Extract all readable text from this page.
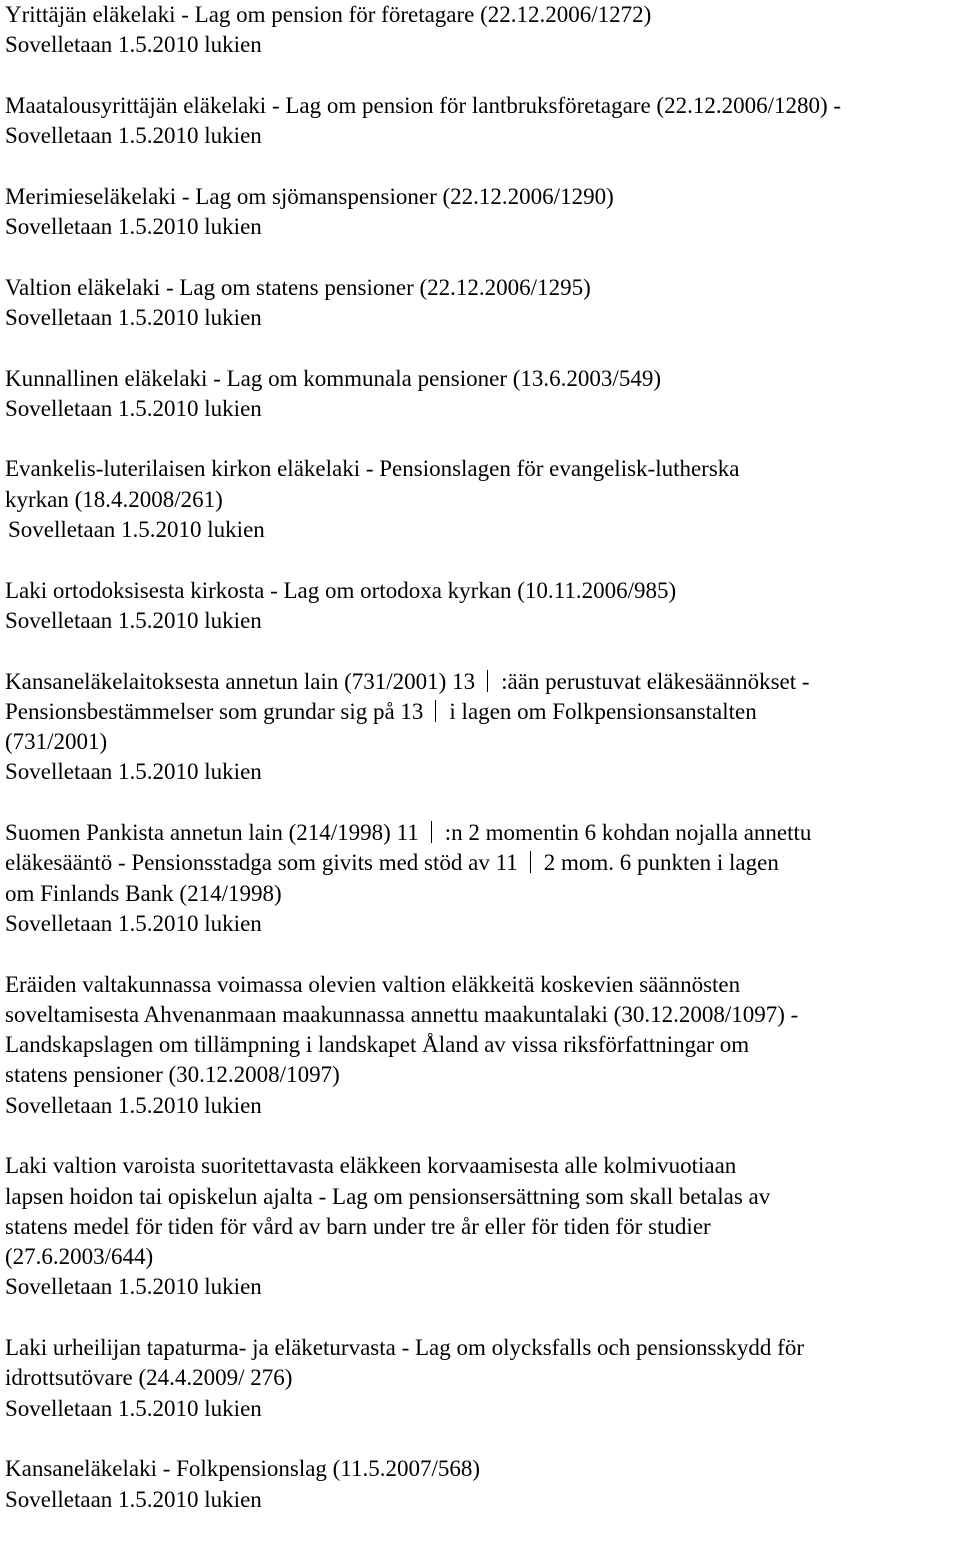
Yrittäjän eläkelaki - Lag om pension för företagare (22.12.2006/1272)
Sovelletaan 1.5.2010 lukien
Maatalousyrittäjän eläkelaki - Lag om pension för lantbruksföretagare (22.12.2006/1280) -
Sovelletaan 1.5.2010 lukien
Merimieseläkelaki - Lag om sjömanspensioner (22.12.2006/1290)
Sovelletaan 1.5.2010 lukien
Valtion eläkelaki - Lag om statens pensioner (22.12.2006/1295)
Sovelletaan 1.5.2010 lukien
Kunnallinen eläkelaki - Lag om kommunala pensioner (13.6.2003/549)
Sovelletaan 1.5.2010 lukien
Evankelis-luterilaisen kirkon eläkelaki - Pensionslagen för evangelisk-lutherska
kyrkan (18.4.2008/261)
Sovelletaan 1.5.2010 lukien
Laki ortodoksisesta kirkosta - Lag om ortodoxa kyrkan (10.11.2006/985)
Sovelletaan 1.5.2010 lukien
Kansaneläkelaitoksesta annetun lain (731/2001) 13 :ään perustuvat eläkesäännökset -
Pensionsbestämmelser som grundar sig på 13 i lagen om Folkpensionsanstalten
(731/2001)
Sovelletaan 1.5.2010 lukien
Suomen Pankista annetun lain (214/1998) 11 :n 2 momentin 6 kohdan nojalla annettu
eläkesääntö - Pensionsstadga som givits med stöd av 11 2 mom. 6 punkten i lagen
om Finlands Bank (214/1998)
Sovelletaan 1.5.2010 lukien
Eräiden valtakunnassa voimassa olevien valtion eläkkeitä koskevien säännösten
soveltamisesta Ahvenanmaan maakunnassa annettu maakuntalaki (30.12.2008/1097) -
Landskapslagen om tillämpning i landskapet Åland av vissa riksförfattningar om
statens pensioner (30.12.2008/1097)
Sovelletaan 1.5.2010 lukien
Laki valtion varoista suoritettavasta eläkkeen korvaamisesta alle kolmivuotiaan
lapsen hoidon tai opiskelun ajalta - Lag om pensionsersättning som skall betalas av
statens medel för tiden för vård av barn under tre år eller för tiden för studier
(27.6.2003/644)
Sovelletaan 1.5.2010 lukien
Laki urheilijan tapaturma- ja eläketurvasta - Lag om olycksfalls och pensionsskydd för
idrottsutövare (24.4.2009/ 276)
Sovelletaan 1.5.2010 lukien
Kansaneläkelaki - Folkpensionslag (11.5.2007/568)
Sovelletaan 1.5.2010 lukien
